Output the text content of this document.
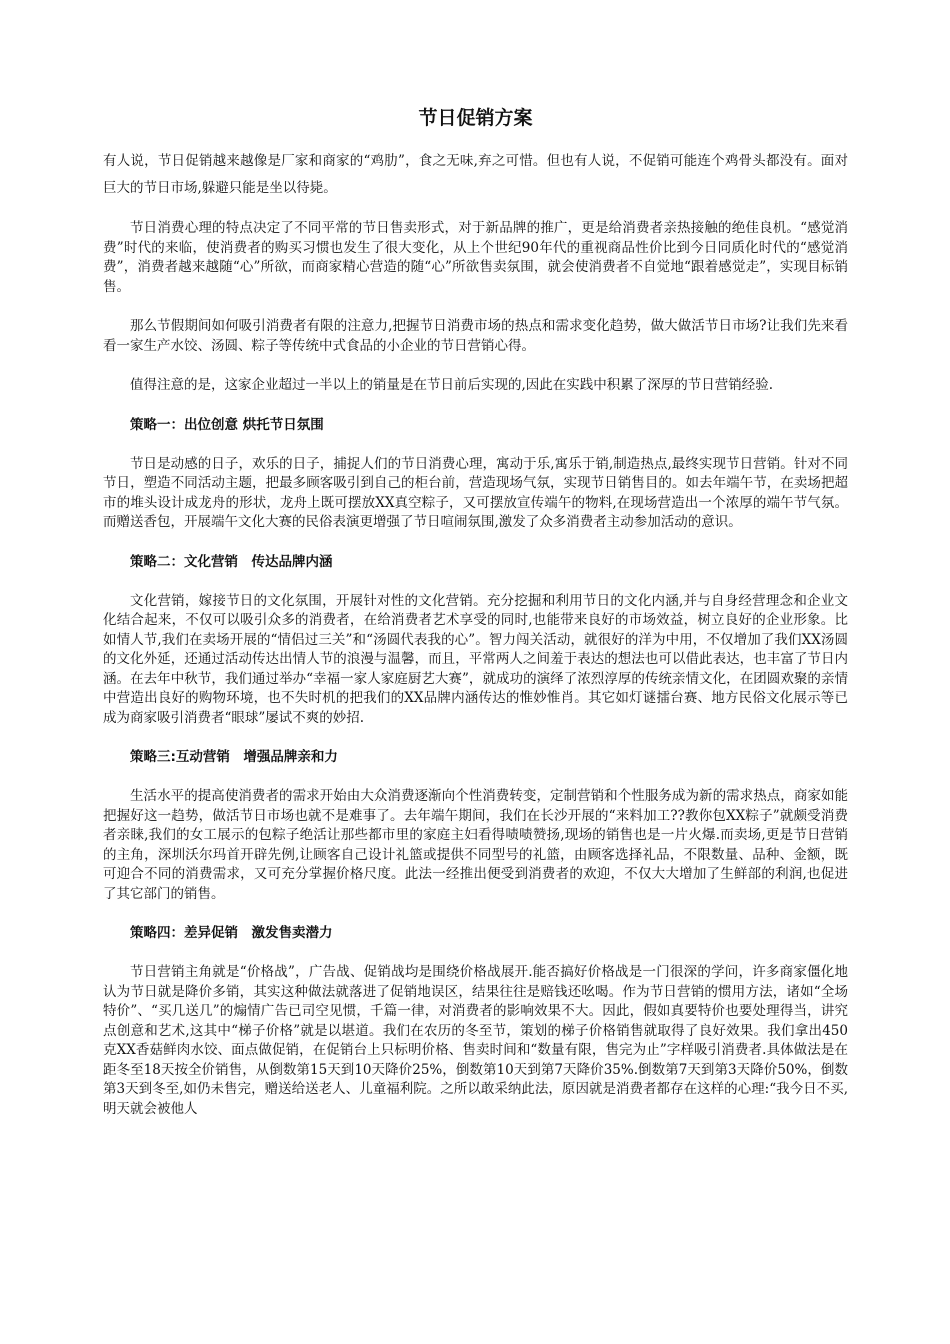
节日促销方案

有人说，节日促销越来越像是厂家和商家的“鸡肋”，食之无味,弃之可惜。但也有人说，不促销可能连个鸡骨头都没有。面对巨大的节日市场,躲避只能是坐以待毙。

节日消费心理的特点决定了不同平常的节日售卖形式，对于新品牌的推广，更是给消费者亲热接触的绝佳良机。“感觉消费”时代的来临，使消费者的购买习惯也发生了很大变化，从上个世纪90年代的重视商品性价比到今日同质化时代的“感觉消费”，消费者越来越随“心”所欲，而商家精心营造的随“心”所欲售卖氛围，就会使消费者不自觉地“跟着感觉走”，实现目标销售。

那么节假期间如何吸引消费者有限的注意力,把握节日消费市场的热点和需求变化趋势，做大做活节日市场?让我们先来看看一家生产水饺、汤圆、粽子等传统中式食品的小企业的节日营销心得。

值得注意的是，这家企业超过一半以上的销量是在节日前后实现的,因此在实践中积累了深厚的节日营销经验.

策略一：出位创意 烘托节日氛围

节日是动感的日子，欢乐的日子，捕捉人们的节日消费心理，寓动于乐,寓乐于销,制造热点,最终实现节日营销。针对不同节日，塑造不同活动主题，把最多顾客吸引到自己的柜台前，营造现场气氛，实现节日销售目的。如去年端午节，在卖场把超市的堆头设计成龙舟的形状，龙舟上既可摆放XX真空粽子，又可摆放宣传端午的物料,在现场营造出一个浓厚的端午节气氛。而赠送香包，开展端午文化大赛的民俗表演更增强了节日喧闹氛围,激发了众多消费者主动参加活动的意识。

策略二：文化营销　传达品牌内涵

文化营销，嫁接节日的文化氛围，开展针对性的文化营销。充分挖掘和利用节日的文化内涵,并与自身经营理念和企业文化结合起来，不仅可以吸引众多的消费者，在给消费者艺术享受的同时,也能带来良好的市场效益，树立良好的企业形象。比如情人节,我们在卖场开展的“情侣过三关”和“汤圆代表我的心”。智力闯关活动，就很好的洋为中用，不仅增加了我们XX汤圆的文化外延，还通过活动传达出情人节的浪漫与温馨，而且，平常两人之间羞于表达的想法也可以借此表达，也丰富了节日内涵。在去年中秋节，我们通过举办“幸福一家人家庭厨艺大赛”，就成功的演绎了浓烈淳厚的传统亲情文化，在团圆欢聚的亲情中营造出良好的购物环境，也不失时机的把我们的XX品牌内涵传达的惟妙惟肖。其它如灯谜擂台赛、地方民俗文化展示等已成为商家吸引消费者“眼球”屡试不爽的妙招.

策略三:互动营销　增强品牌亲和力

生活水平的提高使消费者的需求开始由大众消费逐渐向个性消费转变，定制营销和个性服务成为新的需求热点，商家如能把握好这一趋势，做活节日市场也就不是难事了。去年端午期间，我们在长沙开展的“来料加工??教你包XX粽子”就颇受消费者亲睐,我们的女工展示的包粽子绝活让那些都市里的家庭主妇看得啧啧赞扬,现场的销售也是一片火爆.而卖场,更是节日营销的主角，深圳沃尔玛首开辟先例,让顾客自己设计礼篮或提供不同型号的礼篮，由顾客选择礼品，不限数量、品种、金额，既可迎合不同的消费需求，又可充分掌握价格尺度。此法一经推出便受到消费者的欢迎，不仅大大增加了生鲜部的利润,也促进了其它部门的销售。

策略四：差异促销　激发售卖潜力

节日营销主角就是“价格战”，广告战、促销战均是围绕价格战展开.能否搞好价格战是一门很深的学问，许多商家僵化地认为节日就是降价多销，其实这种做法就落进了促销地误区，结果往往是赔钱还吆喝。作为节日营销的惯用方法，诸如“全场特价”、“买几送几”的煽情广告已司空见惯，千篇一律，对消费者的影响效果不大。因此，假如真要特价也要处理得当，讲究点创意和艺术,这其中“梯子价格”就是以堪道。我们在农历的冬至节，策划的梯子价格销售就取得了良好效果。我们拿出450克XX香菇鲜肉水饺、面点做促销，在促销台上只标明价格、售卖时间和“数量有限，售完为止”字样吸引消费者.具体做法是在距冬至18天按全价销售，从倒数第15天到10天降价25%，倒数第10天到第7天降价35%.倒数第7天到第3天降价50%，倒数第3天到冬至,如仍未售完，赠送给送老人、儿童福利院。之所以敢采纳此法，原因就是消费者都存在这样的心理:“我今日不买,明天就会被他人
